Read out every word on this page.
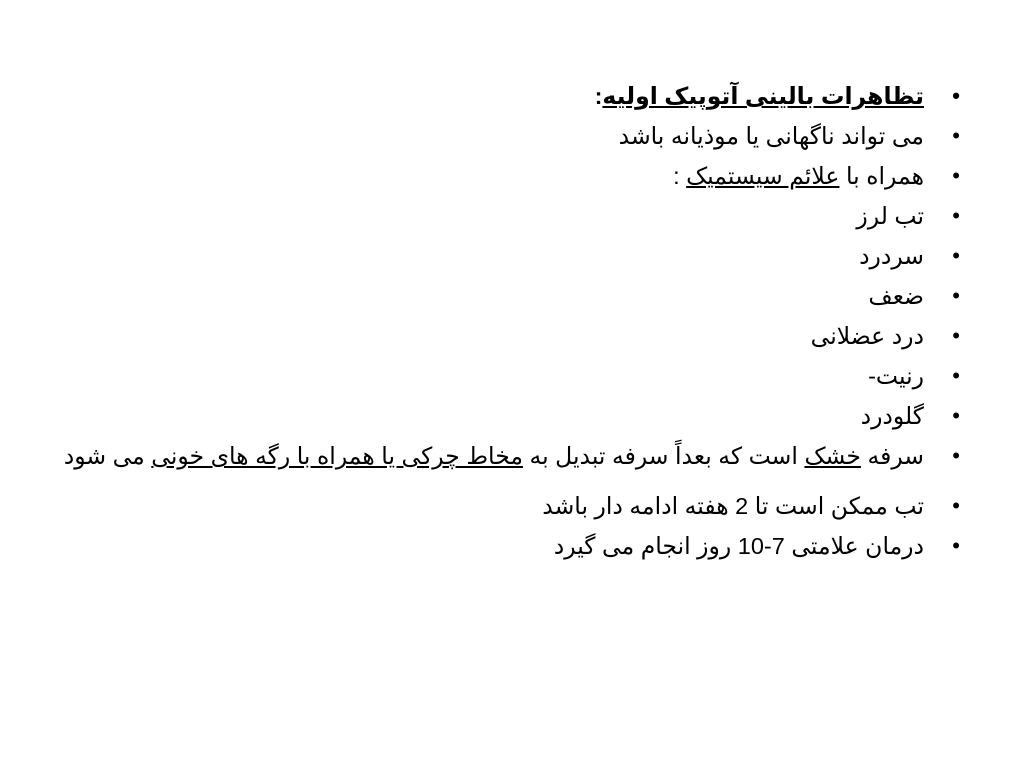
• تظاهرات بالینی آتوپیک اولیه:
• می تواند ناگهانی یا موذیانه باشد
• همراه با علائم سیستمیک :
• تب لرز
• سردرد
• ضعف
• درد عضلانی
• رنیت-
• گلودرد
• سرفه خشک است که بعداً سرفه تبدیل به مخاط چرکی یا همراه با رگه های خونی می شود
• تب ممکن است تا 2 هفته ادامه دار باشد
• درمان علامتی 7-10 روز انجام می گیرد
